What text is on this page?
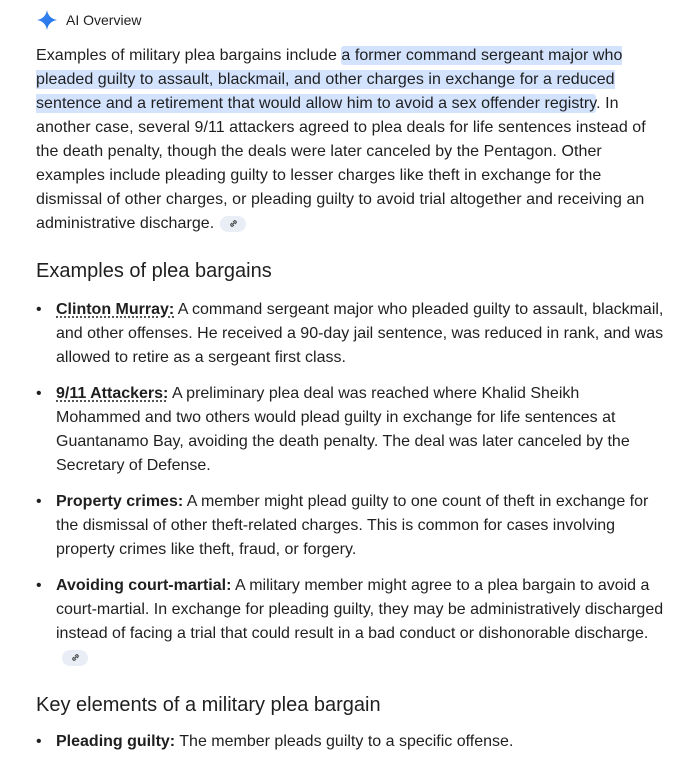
AI Overview

Examples of military plea bargains include a former command sergeant major who pleaded guilty to assault, blackmail, and other charges in exchange for a reduced sentence and a retirement that would allow him to avoid a sex offender registry. In another case, several 9/11 attackers agreed to plea deals for life sentences instead of the death penalty, though the deals were later canceled by the Pentagon. Other examples include pleading guilty to lesser charges like theft in exchange for the dismissal of other charges, or pleading guilty to avoid trial altogether and receiving an administrative discharge.

Examples of plea bargains
• Clinton Murray: A command sergeant major who pleaded guilty to assault, blackmail, and other offenses. He received a 90-day jail sentence, was reduced in rank, and was allowed to retire as a sergeant first class.
• 9/11 Attackers: A preliminary plea deal was reached where Khalid Sheikh Mohammed and two others would plead guilty in exchange for life sentences at Guantanamo Bay, avoiding the death penalty. The deal was later canceled by the Secretary of Defense.
• Property crimes: A member might plead guilty to one count of theft in exchange for the dismissal of other theft-related charges. This is common for cases involving property crimes like theft, fraud, or forgery.
• Avoiding court-martial: A military member might agree to a plea bargain to avoid a court-martial. In exchange for pleading guilty, they may be administratively discharged instead of facing a trial that could result in a bad conduct or dishonorable discharge.
Key elements of a military plea bargain
• Pleading guilty: The member pleads guilty to a specific offense.
